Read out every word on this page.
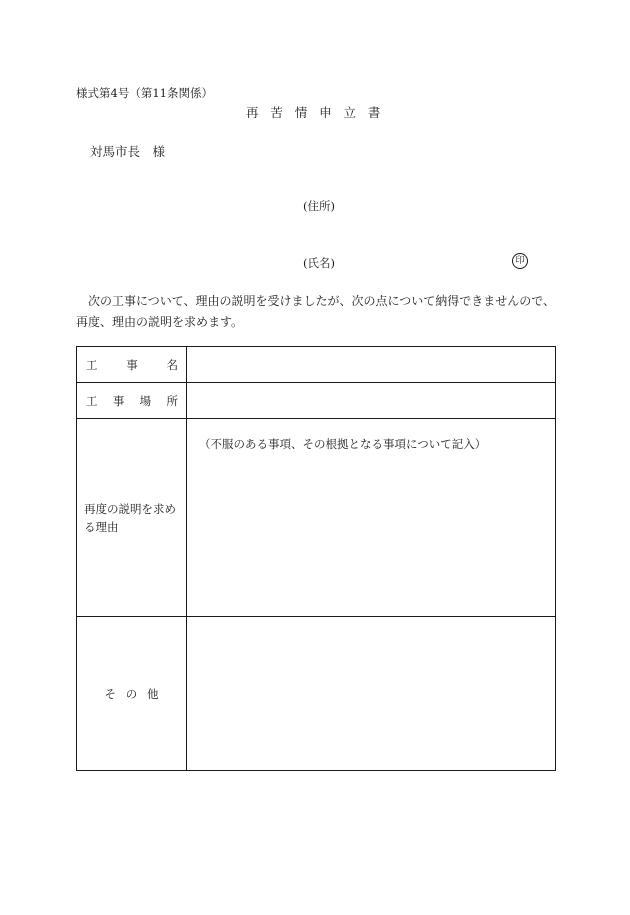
様式第4号（第11条関係）
再苦情申立書
対馬市長　様
(住所)
(氏名)	印
次の工事について、理由の説明を受けましたが、次の点について納得できませんので、再度、理由の説明を求めます。
工 事 名	

工 事 場 所	

再度の説明を求める理由	（不服のある事項、その根拠となる事項について記入）

そ の 他	
